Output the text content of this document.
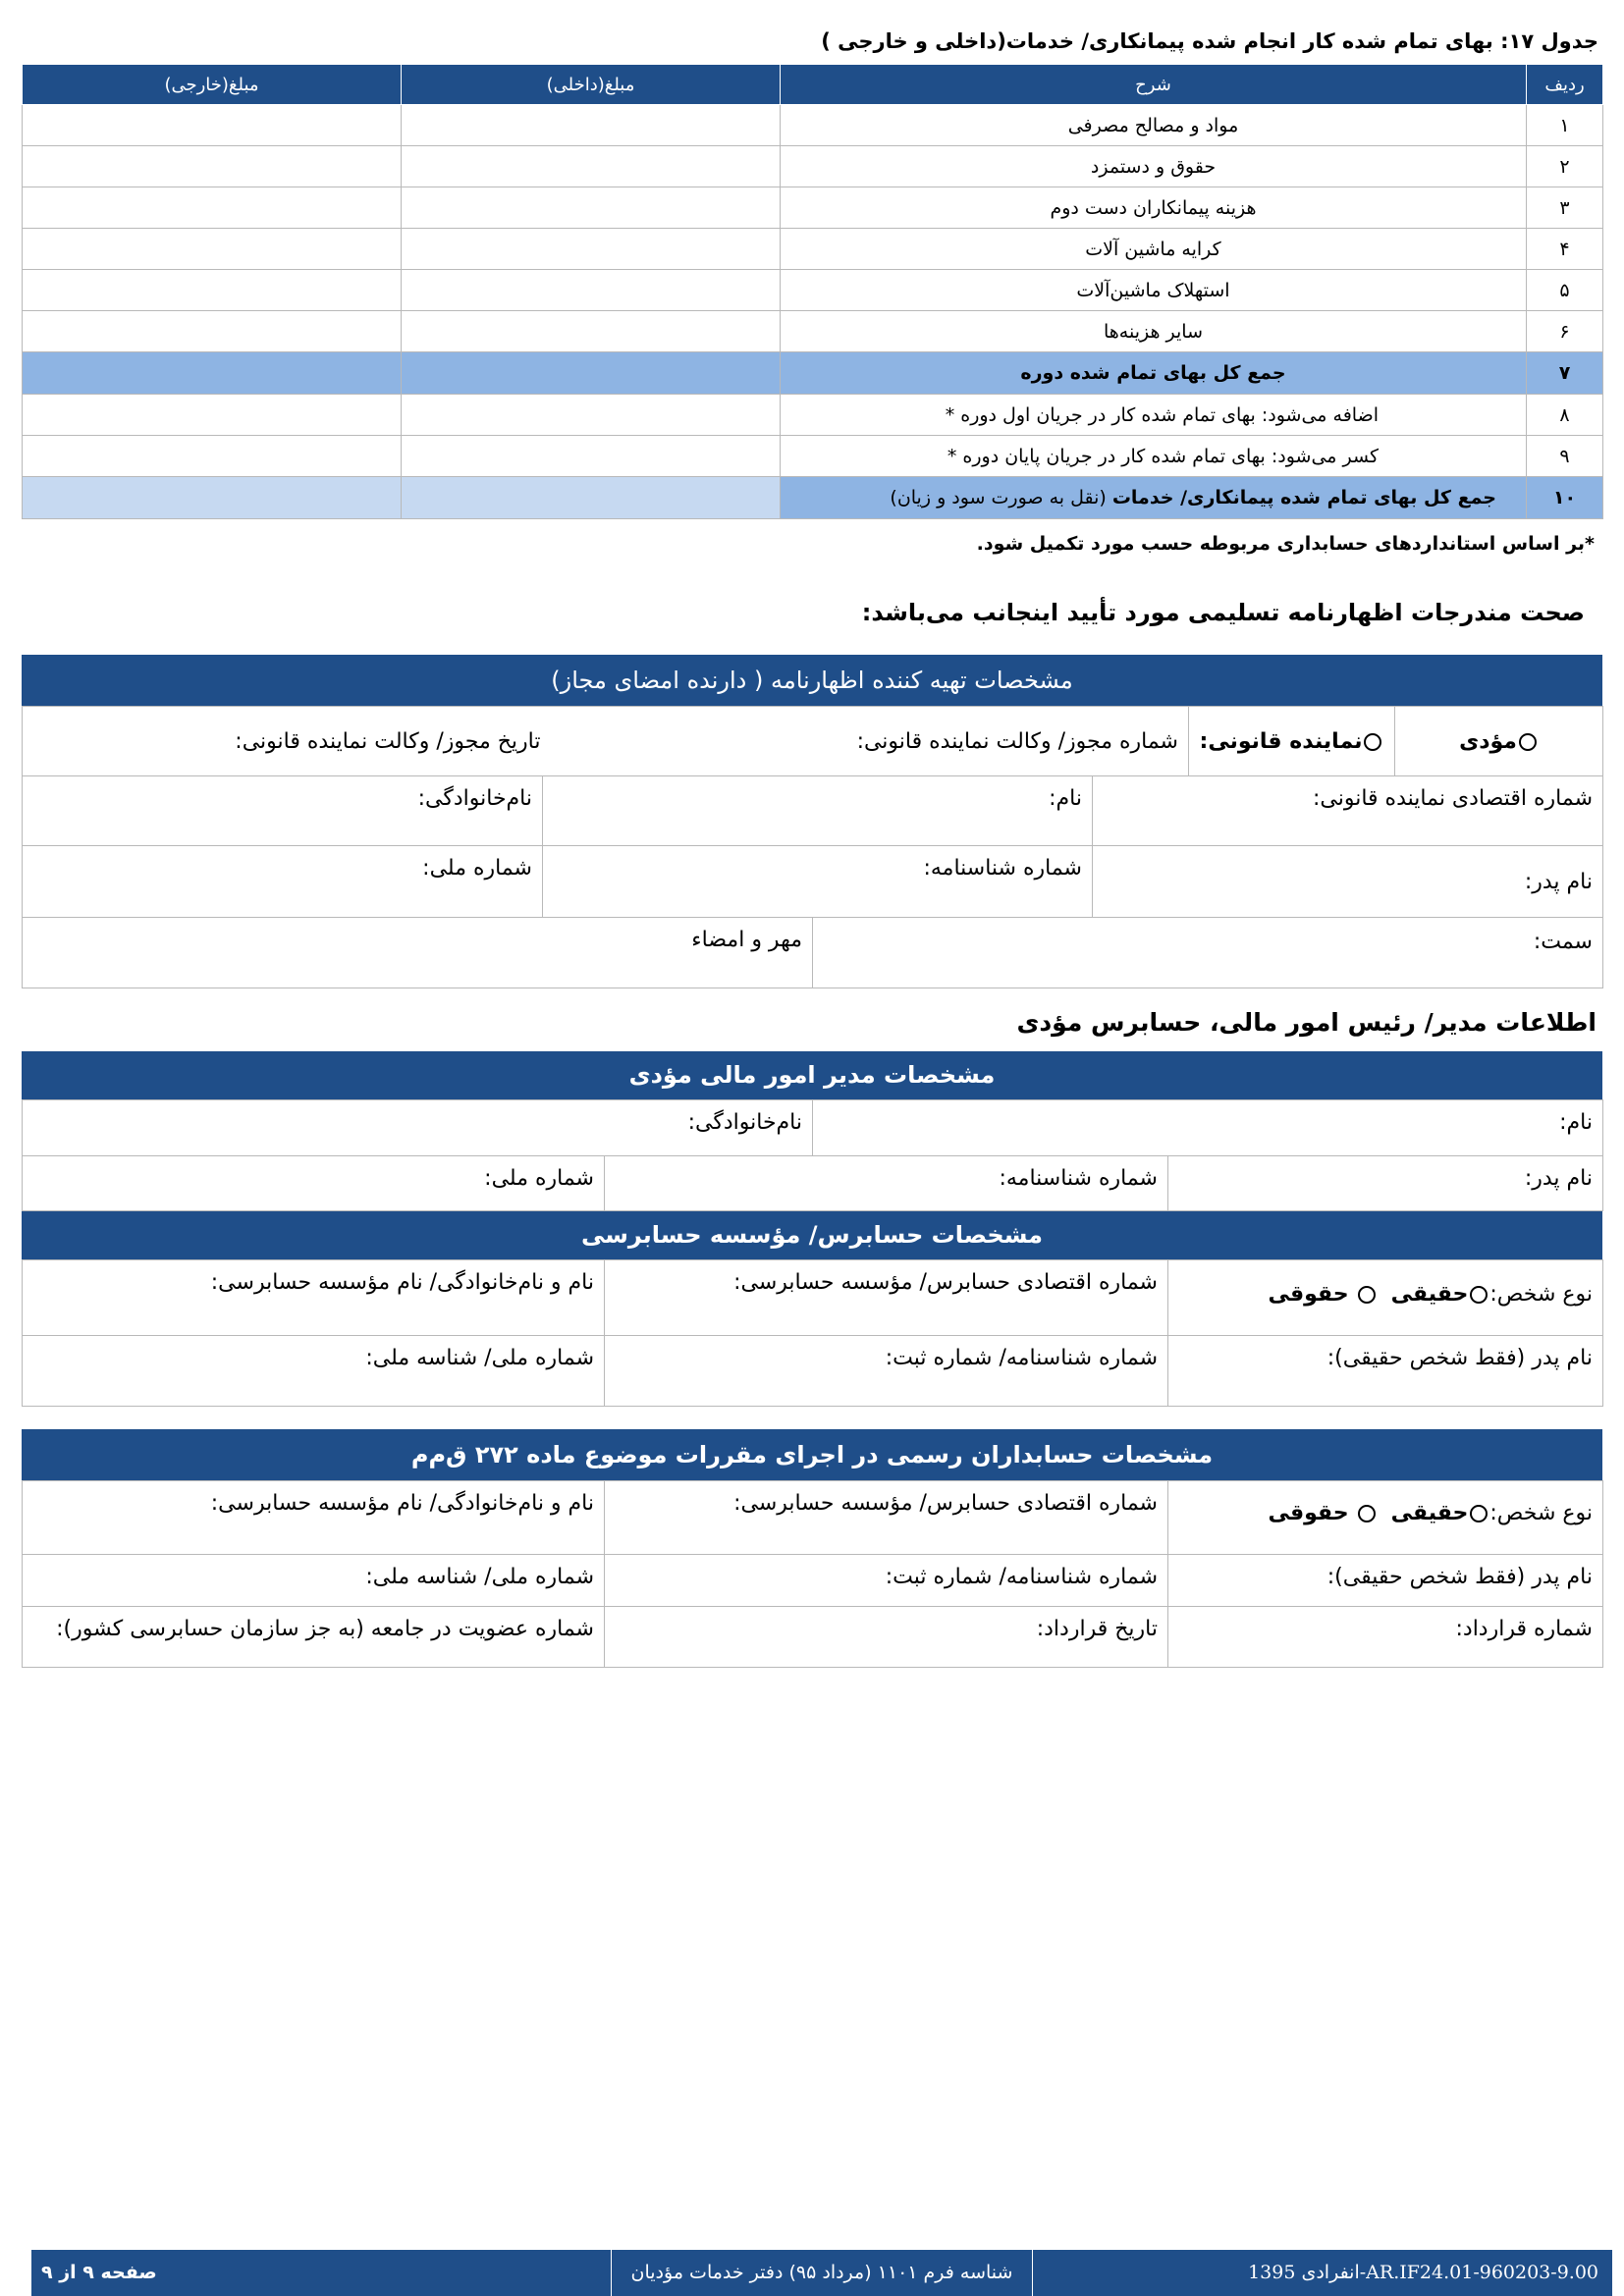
جدول ۱۷: بهای تمام شده کار انجام شده پیمانکاری/ خدمات(داخلی و خارجی )
ردیف	شرح	مبلغ(داخلی)	مبلغ(خارجی)
۱	مواد و مصالح مصرفی		
۲	حقوق و دستمزد		
۳	هزینه پیمانکاران دست دوم		
۴	کرایه ماشین آلات		
۵	استهلاک ماشین‌آلات		
۶	سایر هزینه‌ها		
۷	جمع کل بهای تمام شده دوره		
۸	اضافه می‌شود: بهای تمام شده کار در جریان اول دوره *		
۹	کسر می‌شود: بهای تمام شده کار در جریان پایان دوره *		
۱۰	جمع کل بهای تمام شده پیمانکاری/ خدمات (نقل به صورت سود و زیان)		
*بر اساس استانداردهای حسابداری مربوطه حسب مورد تکمیل شود.
صحت مندرجات اظهارنامه تسلیمی مورد تأیید اینجانب می‌باشد:
مشخصات تهیه کننده اظهارنامه ( دارنده امضای مجاز)
مؤدی	نماینده قانونی:	شماره مجوز/ وکالت نماینده قانونی:	تاریخ مجوز/ وکالت نماینده قانونی:
شماره اقتصادی نماینده قانونی:	نام:	نام‌خانوادگی:
نام پدر:	شماره شناسنامه:	شماره ملی:
سمت:	مهر و امضاء
اطلاعات مدیر/ رئیس امور مالی، حسابرس مؤدی
مشخصات مدیر امور مالی مؤدی
نام:	نام‌خانوادگی:
نام پدر:	شماره شناسنامه:	شماره ملی:
مشخصات حسابرس/ مؤسسه حسابرسی
نوع شخص:حقیقی   حقوقی	شماره اقتصادی حسابرس/ مؤسسه حسابرسی:	نام و نام‌خانوادگی/ نام مؤسسه حسابرسی:
نام پدر (فقط شخص حقیقی):	شماره شناسنامه/ شماره ثبت:	شماره ملی/ شناسه ملی:
مشخصات حسابداران رسمی در اجرای مقررات موضوع ماده ۲۷۲ ق‌م‌م
نوع شخص:حقیقی   حقوقی	شماره اقتصادی حسابرس/ مؤسسه حسابرسی:	نام و نام‌خانوادگی/ نام مؤسسه حسابرسی:
نام پدر (فقط شخص حقیقی):	شماره شناسنامه/ شماره ثبت:	شماره ملی/ شناسه ملی:
شماره قرارداد:	تاریخ قرارداد:	شماره عضویت در جامعه (به جز سازمان حسابرسی کشور):
انفرادی 1395-AR.IF24.01-960203-9.00
شناسه فرم ۱۱۰۱ (مرداد ۹۵) دفتر خدمات مؤدیان
صفحه ۹ از ۹
